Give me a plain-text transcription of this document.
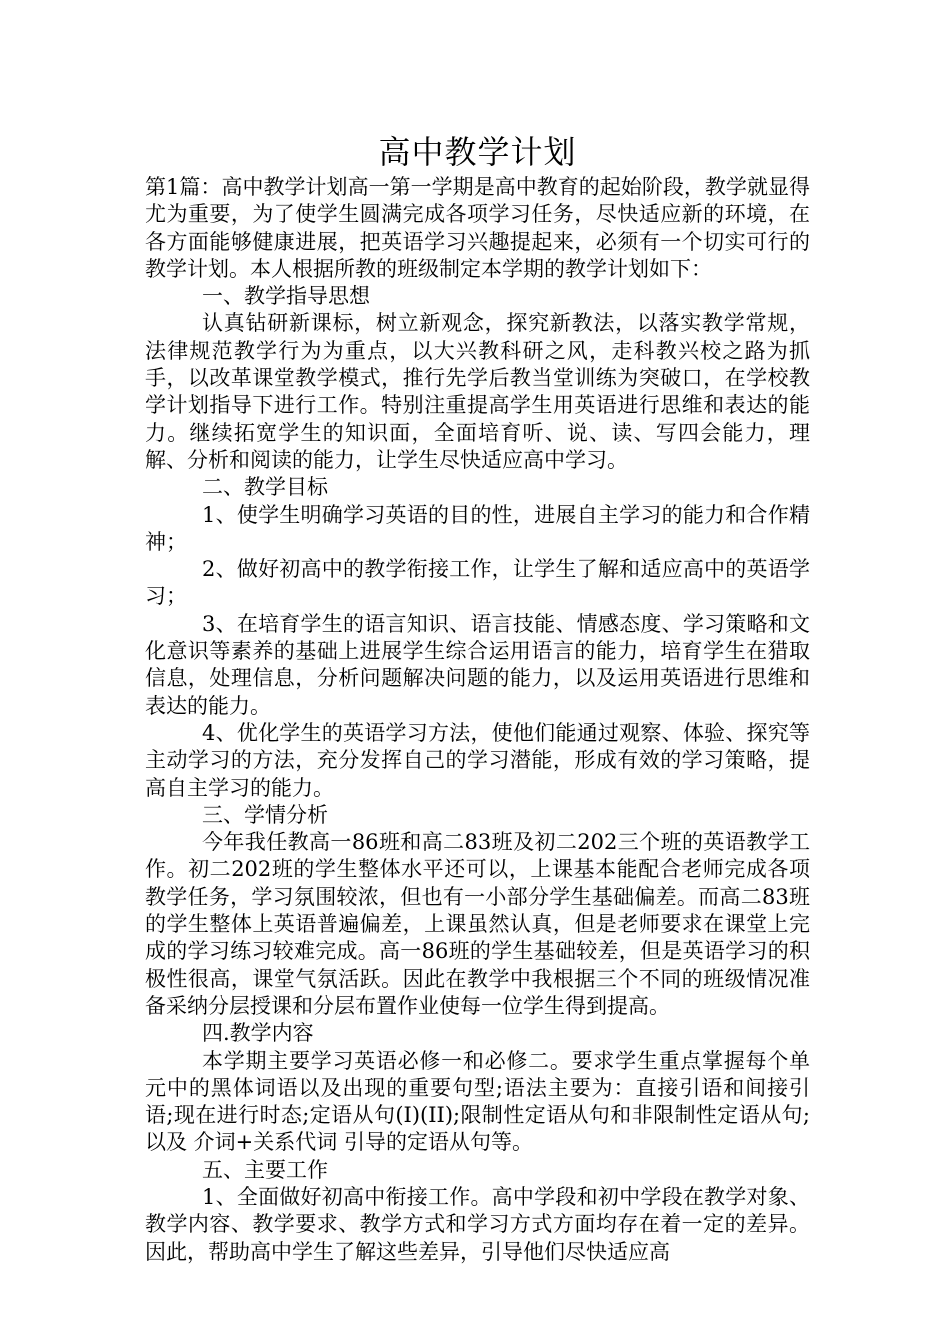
高中教学计划

第1篇：高中教学计划高一第一学期是高中教育的起始阶段，教学就显得尤为重要，为了使学生圆满完成各项学习任务，尽快适应新的环境，在各方面能够健康进展，把英语学习兴趣提起来，必须有一个切实可行的教学计划。本人根据所教的班级制定本学期的教学计划如下：

一、教学指导思想

认真钻研新课标，树立新观念，探究新教法，以落实教学常规，法律规范教学行为为重点，以大兴教科研之风，走科教兴校之路为抓手，以改革课堂教学模式，推行先学后教当堂训练为突破口，在学校教学计划指导下进行工作。特别注重提高学生用英语进行思维和表达的能力。继续拓宽学生的知识面，全面培育听、说、读、写四会能力，理解、分析和阅读的能力，让学生尽快适应高中学习。

二、教学目标

1、使学生明确学习英语的目的性，进展自主学习的能力和合作精神；

2、做好初高中的教学衔接工作，让学生了解和适应高中的英语学习；

3、在培育学生的语言知识、语言技能、情感态度、学习策略和文化意识等素养的基础上进展学生综合运用语言的能力，培育学生在猎取信息，处理信息，分析问题解决问题的能力，以及运用英语进行思维和表达的能力。

4、优化学生的英语学习方法，使他们能通过观察、体验、探究等主动学习的方法，充分发挥自己的学习潜能，形成有效的学习策略，提高自主学习的能力。

三、学情分析

今年我任教高一86班和高二83班及初二202三个班的英语教学工作。初二202班的学生整体水平还可以，上课基本能配合老师完成各项教学任务，学习氛围较浓，但也有一小部分学生基础偏差。而高二83班的学生整体上英语普遍偏差，上课虽然认真，但是老师要求在课堂上完成的学习练习较难完成。高一86班的学生基础较差，但是英语学习的积极性很高，课堂气氛活跃。因此在教学中我根据三个不同的班级情况准备采纳分层授课和分层布置作业使每一位学生得到提高。

四.教学内容

本学期主要学习英语必修一和必修二。要求学生重点掌握每个单元中的黑体词语以及出现的重要句型;语法主要为：直接引语和间接引语;现在进行时态;定语从句(I)(II);限制性定语从句和非限制性定语从句;以及 介词+关系代词 引导的定语从句等。

五、主要工作

1、全面做好初高中衔接工作。高中学段和初中学段在教学对象、教学内容、教学要求、教学方式和学习方式方面均存在着一定的差异。因此，帮助高中学生了解这些差异，引导他们尽快适应高
